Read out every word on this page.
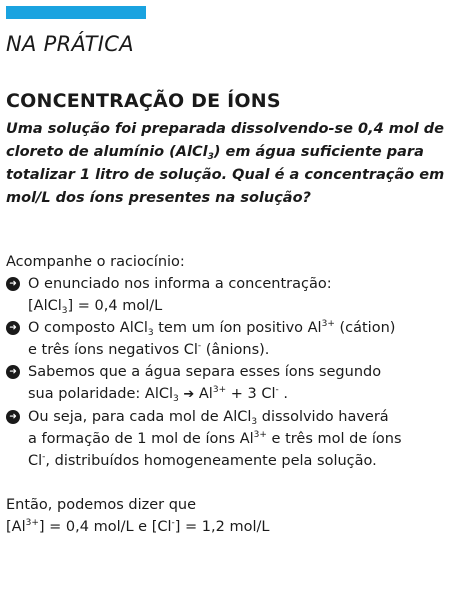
NA PRÁTICA
CONCENTRAÇÃO DE ÍONS
Uma solução foi preparada dissolvendo-se 0,4 mol de
cloreto de alumínio (AlCl$_3$) em água suficiente para
totalizar 1 litro de solução. Qual é a concentração em
mol/L dos íons presentes na solução?
Acompanhe o raciocínio:
➜ O enunciado nos informa a concentração:
[AlCl$_3$] = 0,4 mol/L
➜ O composto AlCl$_3$ tem um íon positivo $Al^{3+}$ (cátion)
e três íons negativos Cl- (ânions).
➜ Sabemos que a água separa esses íons segundo
sua polaridade: AlCl$_3$ ➔ $Al^{3+} + 3$ Cl- .
➜ Ou seja, para cada mol de AlCl$_3$ dissolvido haverá
a formação de 1 mol de íons $Al^{3+}$ e três mol de íons
Cl-, distribuídos homogeneamente pela solução.
Então, podemos dizer que
$[Al^{3+}] = 0,4$ mol/L e [Cl-] = 1,2 mol/L
